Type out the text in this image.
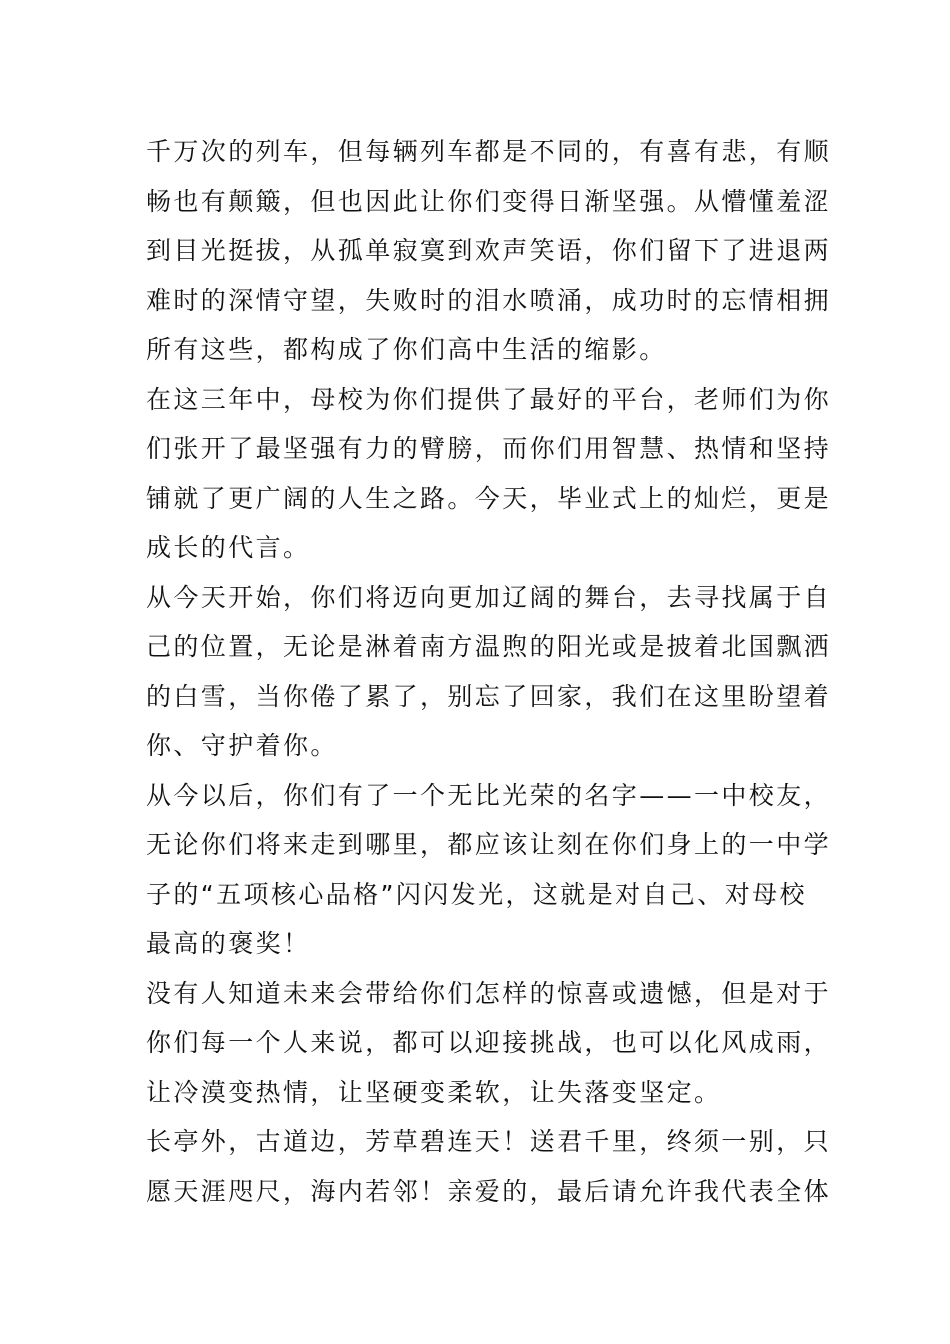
千万次的列车，但每辆列车都是不同的，有喜有悲，有顺
畅也有颠簸，但也因此让你们变得日渐坚强。从懵懂羞涩
到目光挺拔，从孤单寂寞到欢声笑语，你们留下了进退两
难时的深情守望，失败时的泪水喷涌，成功时的忘情相拥
所有这些，都构成了你们高中生活的缩影。
在这三年中，母校为你们提供了最好的平台，老师们为你
们张开了最坚强有力的臂膀，而你们用智慧、热情和坚持
铺就了更广阔的人生之路。今天，毕业式上的灿烂，更是
成长的代言。
从今天开始，你们将迈向更加辽阔的舞台，去寻找属于自
己的位置，无论是淋着南方温煦的阳光或是披着北国飘洒
的白雪，当你倦了累了，别忘了回家，我们在这里盼望着
你、守护着你。
从今以后，你们有了一个无比光荣的名字——一中校友，
无论你们将来走到哪里，都应该让刻在你们身上的一中学
子的“五项核心品格”闪闪发光，这就是对自己、对母校
最高的褒奖！
没有人知道未来会带给你们怎样的惊喜或遗憾，但是对于
你们每一个人来说，都可以迎接挑战，也可以化风成雨，
让冷漠变热情，让坚硬变柔软，让失落变坚定。
长亭外，古道边，芳草碧连天！送君千里，终须一别，只
愿天涯咫尺，海内若邻！亲爱的，最后请允许我代表全体
